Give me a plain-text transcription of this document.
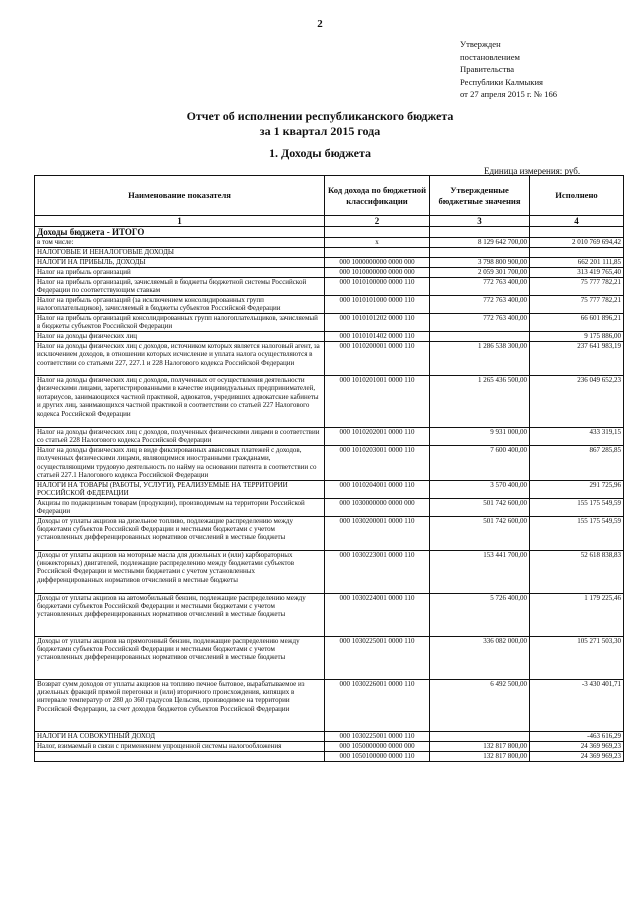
2
Утвержден
постановлением
Правительства
Республики Калмыкия
от 27 апреля 2015 г. № 166
Отчет об исполнении республиканского бюджета
за 1 квартал 2015 года
1. Доходы бюджета
Единица измерения: руб.
Наименование показателя	Код дохода по бюджетной классификации	Утвержденные бюджетные значения	Исполнено
1	2	3	4
Доходы бюджета - ИТОГО			
в том числе:	x	8 129 642 700,00	2 010 769 694,42
НАЛОГОВЫЕ И НЕНАЛОГОВЫЕ ДОХОДЫ			
НАЛОГИ НА ПРИБЫЛЬ, ДОХОДЫ	000 1000000000 0000 000	3 798 800 900,00	662 201 111,85
Налог на прибыль организаций	000 1010000000 0000 000	2 059 301 700,00	313 419 765,40
Налог на прибыль организаций, зачисляемый в бюджеты бюджетной системы Российской Федерации по соответствующим ставкам	000 1010100000 0000 110	772 763 400,00	75 777 782,21
Налог на прибыль организаций (за исключением консолидированных групп налогоплательщиков), зачисляемый в бюджеты субъектов Российской Федерации	000 1010101000 0000 110	772 763 400,00	75 777 782,21
Налог на прибыль организаций консолидированных групп налогоплательщиков, зачисляемый в бюджеты субъектов Российской Федерации	000 1010101202 0000 110	772 763 400,00	66 601 896,21
Налог на доходы физических лиц	000 1010101402 0000 110		9 175 886,00
Налог на доходы физических лиц с доходов, источником которых является налоговый агент, за исключением доходов, в отношении которых исчисление и уплата налога осуществляются в соответствии со статьями 227, 227.1 и 228 Налогового кодекса Российской Федерации	000 1010200001 0000 110	1 286 538 300,00	237 641 983,19
Налог на доходы физических лиц с доходов, полученных от осуществления деятельности физическими лицами, зарегистрированными в качестве индивидуальных предпринимателей, нотариусов, занимающихся частной практикой, адвокатов, учредивших адвокатские кабинеты и других лиц, занимающихся частной практикой в соответствии со статьей 227 Налогового кодекса Российской Федерации	000 1010201001 0000 110	1 265 436 500,00	236 049 652,23
Налог на доходы физических лиц с доходов, полученных физическими лицами в соответствии со статьей 228 Налогового кодекса Российской Федерации	000 1010202001 0000 110	9 931 000,00	433 319,15
Налог на доходы физических лиц в виде фиксированных авансовых платежей с доходов, полученных физическими лицами, являющимися иностранными гражданами, осуществляющими трудовую деятельность по найму на основании патента в соответствии со статьей 227.1 Налогового кодекса Российской Федерации	000 1010203001 0000 110	7 600 400,00	867 285,85
НАЛОГИ НА ТОВАРЫ (РАБОТЫ, УСЛУГИ), РЕАЛИЗУЕМЫЕ НА ТЕРРИТОРИИ РОССИЙСКОЙ ФЕДЕРАЦИИ	000 1010204001 0000 110	3 570 400,00	291 725,96
Акцизы по подакцизным товарам (продукции), производимым на территории Российской Федерации	000 1030000000 0000 000	501 742 600,00	155 175 549,59
Доходы от уплаты акцизов на дизельное топливо, подлежащие распределению между бюджетами субъектов Российской Федерации и местными бюджетами с учетом установленных дифференцированных нормативов отчислений в местные бюджеты	000 1030200001 0000 110	501 742 600,00	155 175 549,59
Доходы от уплаты акцизов на моторные масла для дизельных и (или) карбюраторных (инжекторных) двигателей, подлежащие распределению между бюджетами субъектов Российской Федерации и местными бюджетами с учетом установленных дифференцированных нормативов отчислений в местные бюджеты	000 1030223001 0000 110	153 441 700,00	52 618 838,83
Доходы от уплаты акцизов на автомобильный бензин, подлежащие распределению между бюджетами субъектов Российской Федерации и местными бюджетами с учетом установленных дифференцированных нормативов отчислений в местные бюджеты	000 1030224001 0000 110	5 726 400,00	1 179 225,46
Доходы от уплаты акцизов на прямогонный бензин, подлежащие распределению между бюджетами субъектов Российской Федерации и местными бюджетами с учетом установленных дифференцированных нормативов отчислений в местные бюджеты	000 1030225001 0000 110	336 082 000,00	105 271 503,30
Возврат сумм доходов от уплаты акцизов на топливо печное бытовое, вырабатываемое из дизельных фракций прямой перегонки и (или) вторичного происхождения, кипящих в интервале температур от 280 до 360 градусов Цельсия, производимое на территории Российской Федерации, за счет доходов бюджетов субъектов Российской Федерации	000 1030226001 0000 110	6 492 500,00	-3 430 401,71
НАЛОГИ НА СОВОКУПНЫЙ ДОХОД	000 1030225001 0000 110		-463 616,29
Налог, взимаемый в связи с применением упрощенной системы налогообложения	000 1050000000 0000 000	132 817 800,00	24 369 969,23
	000 1050100000 0000 110	132 817 800,00	24 369 969,23
